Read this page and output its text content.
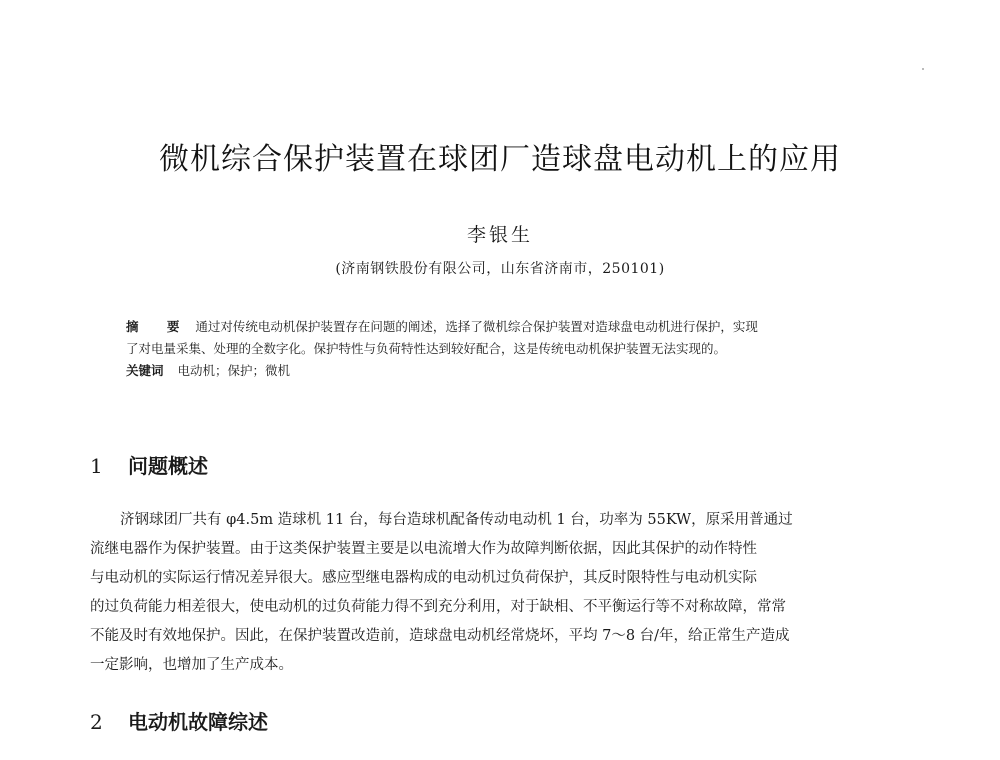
微机综合保护装置在球团厂造球盘电动机上的应用
李银生
(济南钢铁股份有限公司，山东省济南市，250101)
摘 要 通过对传统电动机保护装置存在问题的阐述，选择了微机综合保护装置对造球盘电动机进行保护，实现
了对电量采集、处理的全数字化。保护特性与负荷特性达到较好配合，这是传统电动机保护装置无法实现的。
关键词 电动机；保护；微机
1 问题概述
济钢球团厂共有 φ4.5m 造球机 11 台，每台造球机配备传动电动机 1 台，功率为 55KW，原采用普通过
流继电器作为保护装置。由于这类保护装置主要是以电流增大作为故障判断依据，因此其保护的动作特性
与电动机的实际运行情况差异很大。感应型继电器构成的电动机过负荷保护，其反时限特性与电动机实际
的过负荷能力相差很大，使电动机的过负荷能力得不到充分利用，对于缺相、不平衡运行等不对称故障，常常
不能及时有效地保护。因此，在保护装置改造前，造球盘电动机经常烧坏，平均 7～8 台/年，给正常生产造成
一定影响，也增加了生产成本。
2 电动机故障综述
